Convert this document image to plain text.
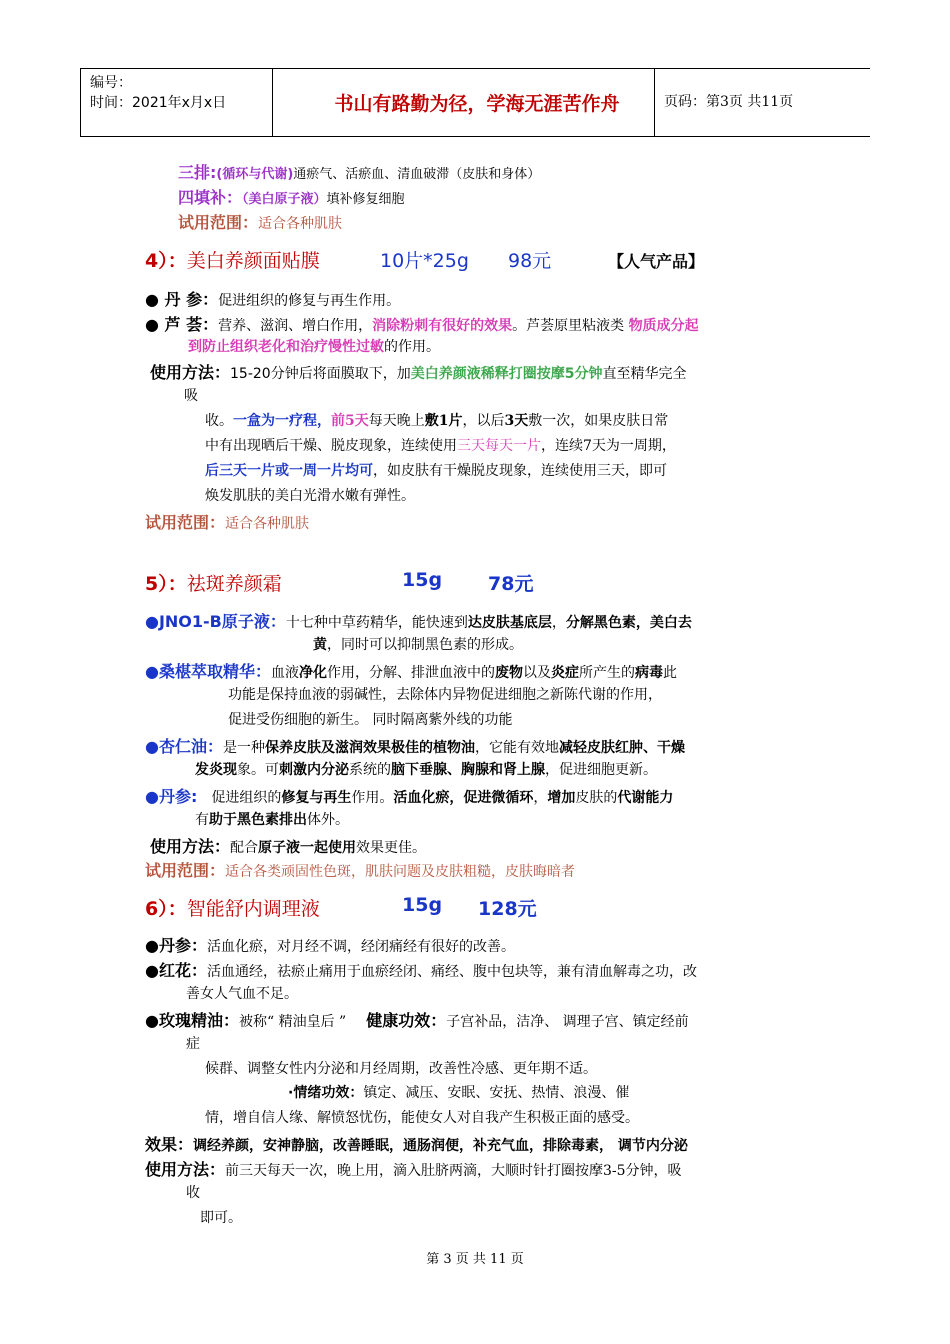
编号：
时间：2021年x月x日	书山有路勤为径，学海无涯苦作舟	页码：第3页 共11页
三排:(循环与代谢)通瘀气、活瘀血、清血破滞（皮肤和身体）
四填补：（美白原子液）填补修复细胞
试用范围：适合各种肌肤
4）：美白养颜面贴膜	10片*25g 98元	【人气产品】
● 丹 参：促进组织的修复与再生作用。
● 芦 荟：营养、滋润、增白作用，消除粉刺有很好的效果。芦荟原里粘液类 物质成分起
到防止组织老化和治疗慢性过敏的作用。
使用方法：15-20分钟后将面膜取下，加美白养颜液稀释打圈按摩5分钟直至精华完全
吸
收。一盒为一疗程，前5天每天晚上敷1片，以后3天敷一次，如果皮肤日常
中有出现晒后干燥、脱皮现象，连续使用三天每天一片，连续7天为一周期，
后三天一片或一周一片均可，如皮肤有干燥脱皮现象，连续使用三天，即可
焕发肌肤的美白光滑水嫩有弹性。
试用范围：适合各种肌肤
5）：祛斑养颜霜	15g 78元
●JNO1-B原子液：十七种中草药精华，能快速到达皮肤基底层，分解黑色素，美白去
黄，同时可以抑制黑色素的形成。
●桑椹萃取精华：血液净化作用，分解、排泄血液中的废物以及炎症所产生的病毒此
功能是保持血液的弱碱性，去除体内异物促进细胞之新陈代谢的作用，
促进受伤细胞的新生。 同时隔离紫外线的功能
●杏仁油：是一种保养皮肤及滋润效果极佳的植物油，它能有效地减轻皮肤红肿、干燥
发炎现象。可刺激内分泌系统的脑下垂腺、胸腺和肾上腺，促进细胞更新。
●丹参: 促进组织的修复与再生作用。活血化瘀，促进微循环，增加皮肤的代谢能力
有助于黑色素排出体外。
使用方法：配合原子液一起使用效果更佳。
试用范围：适合各类顽固性色斑，肌肤问题及皮肤粗糙，皮肤晦暗者
6）：智能舒内调理液	15g 128元
●丹参：活血化瘀，对月经不调，经闭痛经有很好的改善。
●红花：活血通经，祛瘀止痛用于血瘀经闭、痛经、腹中包块等，兼有清血解毒之功，改
善女人气血不足。
●玫瑰精油：被称“ 精油皇后 ” 健康功效：子宫补品，洁净、 调理子宫、镇定经前
症
候群、调整女性内分泌和月经周期，改善性冷感、更年期不适。
·情绪功效：镇定、减压、安眠、安抚、热情、浪漫、催
情，增自信人缘、解愤怒忧伤，能使女人对自我产生积极正面的感受。
效果：调经养颜，安神静脑，改善睡眠，通肠润便，补充气血，排除毒素， 调节内分泌
使用方法：前三天每天一次，晚上用，滴入肚脐两滴，大顺时针打圈按摩3-5分钟，吸
收
即可。
第 3 页 共 11 页
